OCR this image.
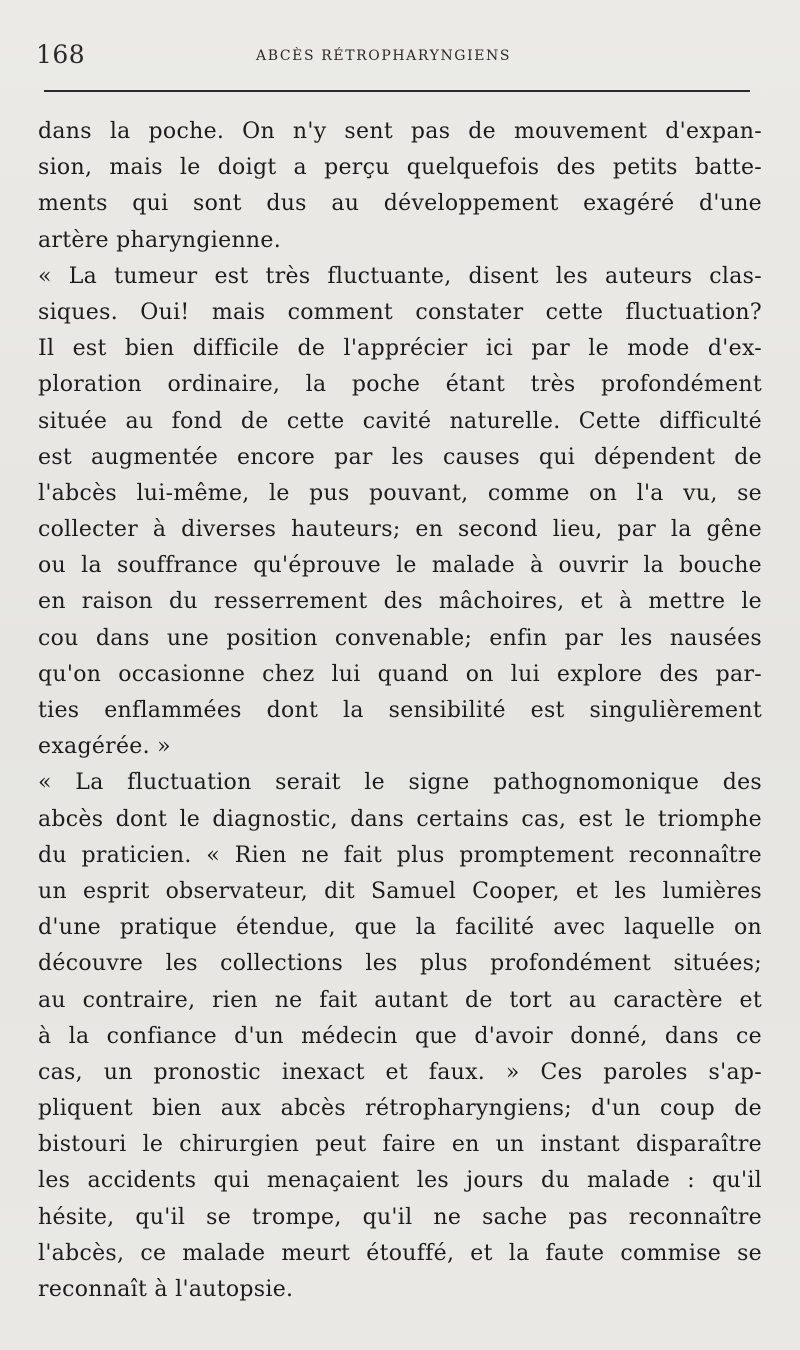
168	ABCÈS RÉTROPHARYNGIENS
dans la poche. On n'y sent pas de mouvement d'expan-
sion, mais le doigt a perçu quelquefois des petits batte-
ments qui sont dus au développement exagéré d'une
artère pharyngienne.
« La tumeur est très fluctuante, disent les auteurs clas-
siques. Oui! mais comment constater cette fluctuation?
Il est bien difficile de l'apprécier ici par le mode d'ex-
ploration ordinaire, la poche étant très profondément
située au fond de cette cavité naturelle. Cette difficulté
est augmentée encore par les causes qui dépendent de
l'abcès lui-même, le pus pouvant, comme on l'a vu, se
collecter à diverses hauteurs; en second lieu, par la gêne
ou la souffrance qu'éprouve le malade à ouvrir la bouche
en raison du resserrement des mâchoires, et à mettre le
cou dans une position convenable; enfin par les nausées
qu'on occasionne chez lui quand on lui explore des par-
ties enflammées dont la sensibilité est singulièrement
exagérée. »
« La fluctuation serait le signe pathognomonique des
abcès dont le diagnostic, dans certains cas, est le triomphe
du praticien. « Rien ne fait plus promptement reconnaître
un esprit observateur, dit Samuel Cooper, et les lumières
d'une pratique étendue, que la facilité avec laquelle on
découvre les collections les plus profondément situées;
au contraire, rien ne fait autant de tort au caractère et
à la confiance d'un médecin que d'avoir donné, dans ce
cas, un pronostic inexact et faux. » Ces paroles s'ap-
pliquent bien aux abcès rétropharyngiens; d'un coup de
bistouri le chirurgien peut faire en un instant disparaître
les accidents qui menaçaient les jours du malade : qu'il
hésite, qu'il se trompe, qu'il ne sache pas reconnaître
l'abcès, ce malade meurt étouffé, et la faute commise se
reconnaît à l'autopsie.
